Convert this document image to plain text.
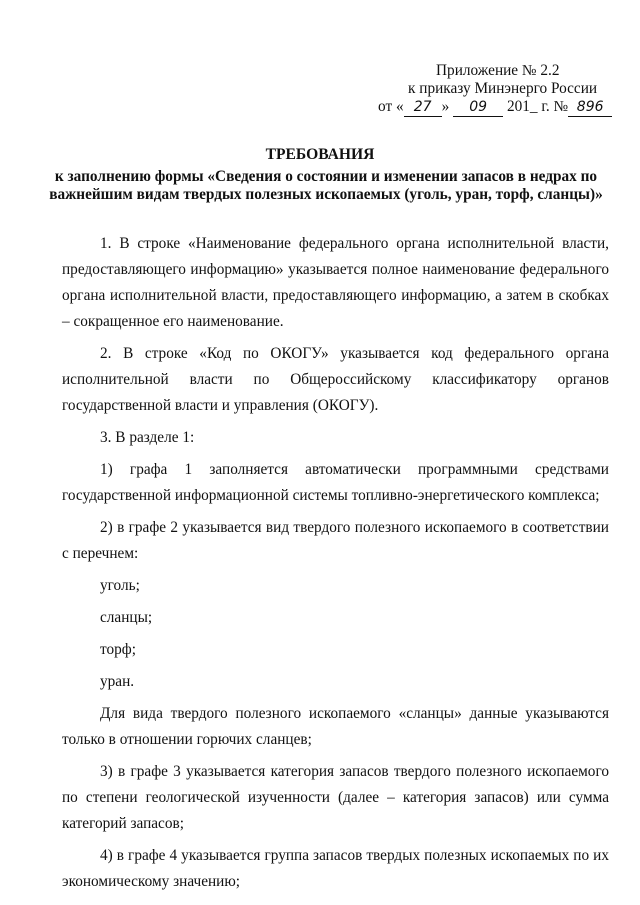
Приложение № 2.2
к приказу Минэнерго России
от « 27 » 09 201_ г. № 896
ТРЕБОВАНИЯ
к заполнению формы «Сведения о состоянии и изменении запасов в недрах по важнейшим видам твердых полезных ископаемых (уголь, уран, торф, сланцы)»

1. В строке «Наименование федерального органа исполнительной власти, предоставляющего информацию» указывается полное наименование федерального органа исполнительной власти, предоставляющего информацию, а затем в скобках – сокращенное его наименование.

2. В строке «Код по ОКОГУ» указывается код федерального органа исполнительной власти по Общероссийскому классификатору органов государственной власти и управления (ОКОГУ).

3. В разделе 1:

1) графа 1 заполняется автоматически программными средствами государственной информационной системы топливно-энергетического комплекса;

2) в графе 2 указывается вид твердого полезного ископаемого в соответствии с перечнем:

уголь;

сланцы;

торф;

уран.

Для вида твердого полезного ископаемого «сланцы» данные указываются только в отношении горючих сланцев;

3) в графе 3 указывается категория запасов твердого полезного ископаемого по степени геологической изученности (далее – категория запасов) или сумма категорий запасов;

4) в графе 4 указывается группа запасов твердых полезных ископаемых по их экономическому значению;
